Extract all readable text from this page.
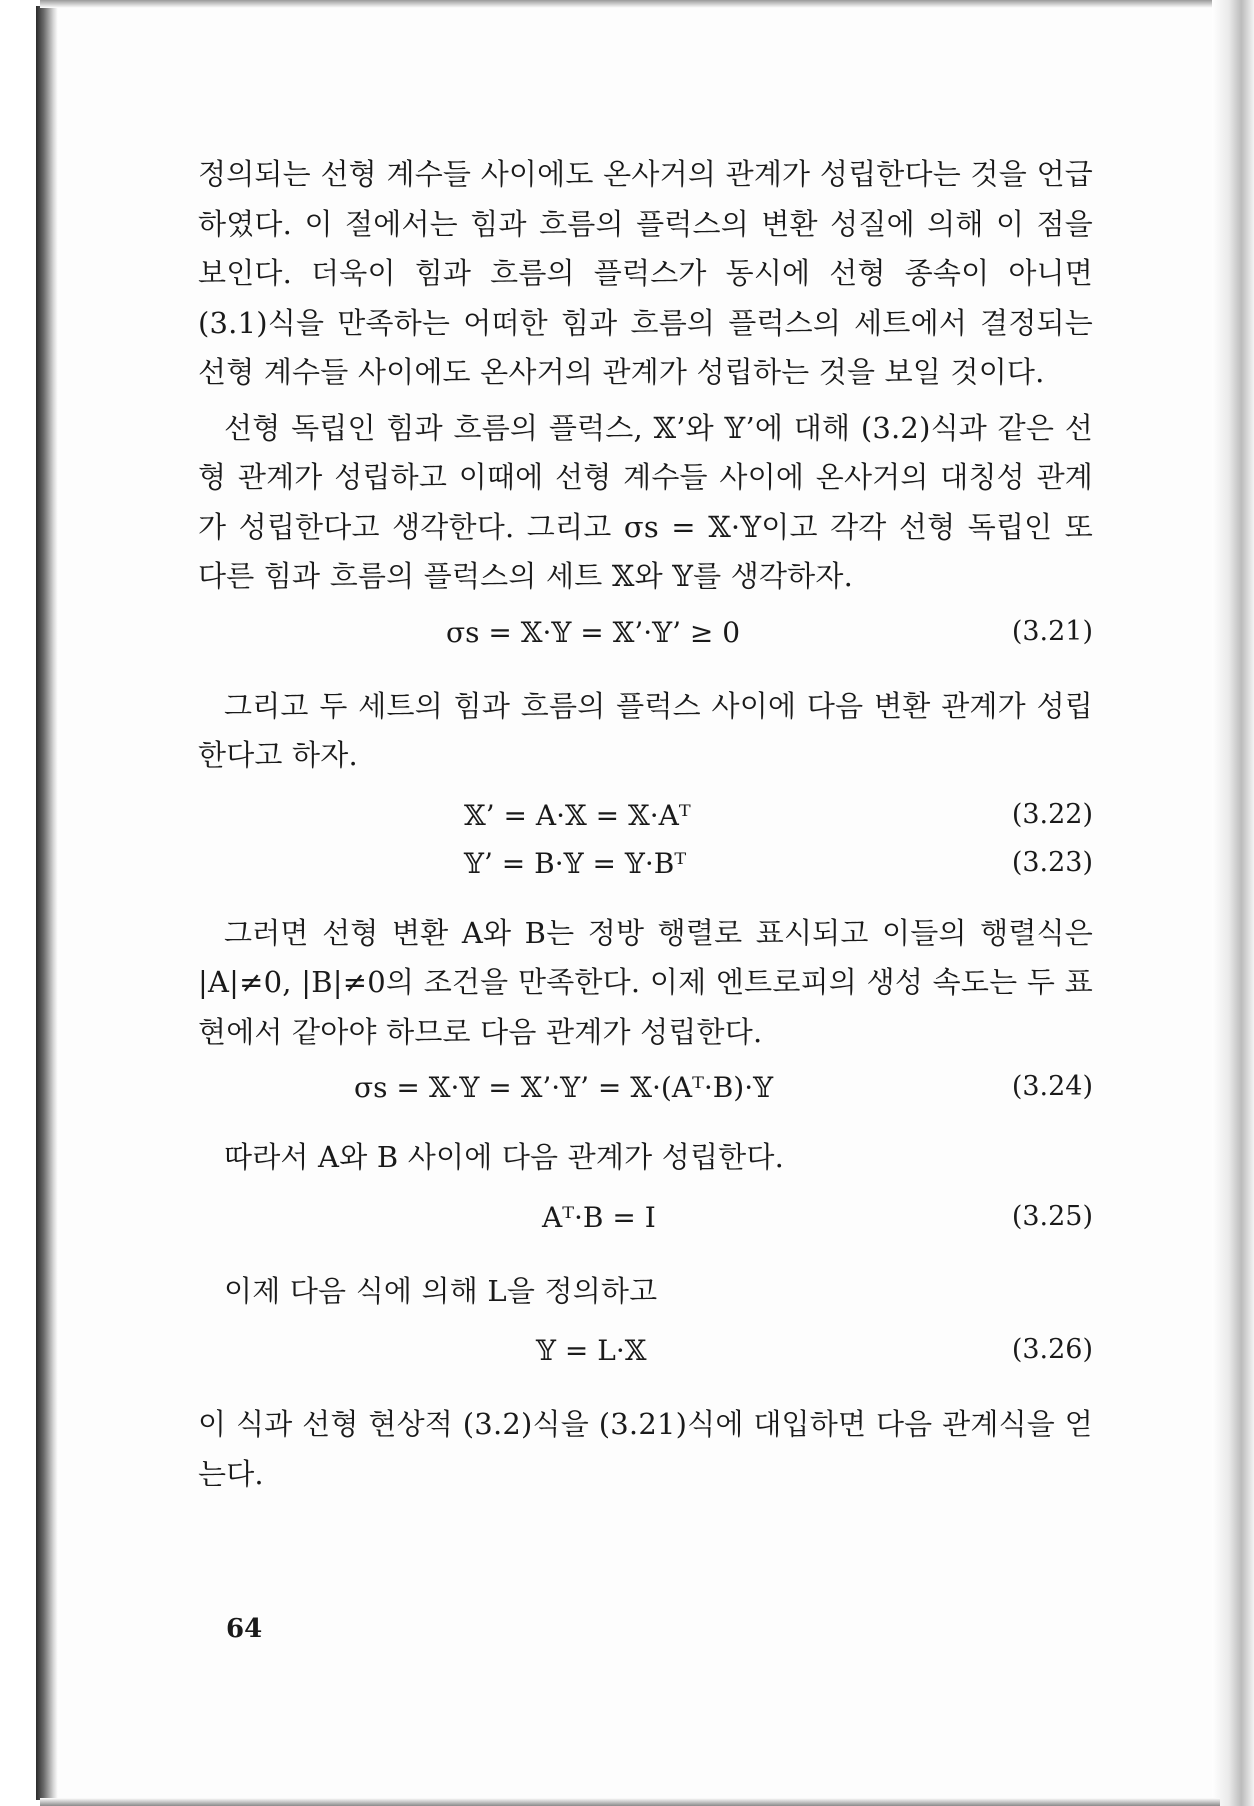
정의되는 선형 계수들 사이에도 온사거의 관계가 성립한다는 것을 언급하였다. 이 절에서는 힘과 흐름의 플럭스의 변환 성질에 의해 이 점을 보인다. 더욱이 힘과 흐름의 플럭스가 동시에 선형 종속이 아니면 (3.1)식을 만족하는 어떠한 힘과 흐름의 플럭스의 세트에서 결정되는 선형 계수들 사이에도 온사거의 관계가 성립하는 것을 보일 것이다.

선형 독립인 힘과 흐름의 플럭스, 𝕏’와 𝕐’에 대해 (3.2)식과 같은 선형 관계가 성립하고 이때에 선형 계수들 사이에 온사거의 대칭성 관계가 성립한다고 생각한다. 그리고 σs = 𝕏·𝕐이고 각각 선형 독립인 또 다른 힘과 흐름의 플럭스의 세트 𝕏와 𝕐를 생각하자.

σs = 𝕏·𝕐 = 𝕏’·𝕐’ ≥ 0	(3.21)

그리고 두 세트의 힘과 흐름의 플럭스 사이에 다음 변환 관계가 성립한다고 하자.

𝕏’ = A·𝕏 = 𝕏·Aᵀ	(3.22)
𝕐’ = B·𝕐 = 𝕐·Bᵀ	(3.23)

그러면 선형 변환 A와 B는 정방 행렬로 표시되고 이들의 행렬식은 |A|≠0, |B|≠0의 조건을 만족한다. 이제 엔트로피의 생성 속도는 두 표현에서 같아야 하므로 다음 관계가 성립한다.

σs = 𝕏·𝕐 = 𝕏’·𝕐’ = 𝕏·(Aᵀ·B)·𝕐	(3.24)

따라서 A와 B 사이에 다음 관계가 성립한다.

Aᵀ·B = I	(3.25)

이제 다음 식에 의해 L을 정의하고

𝕐 = L·𝕏	(3.26)

이 식과 선형 현상적 (3.2)식을 (3.21)식에 대입하면 다음 관계식을 얻는다.

64
